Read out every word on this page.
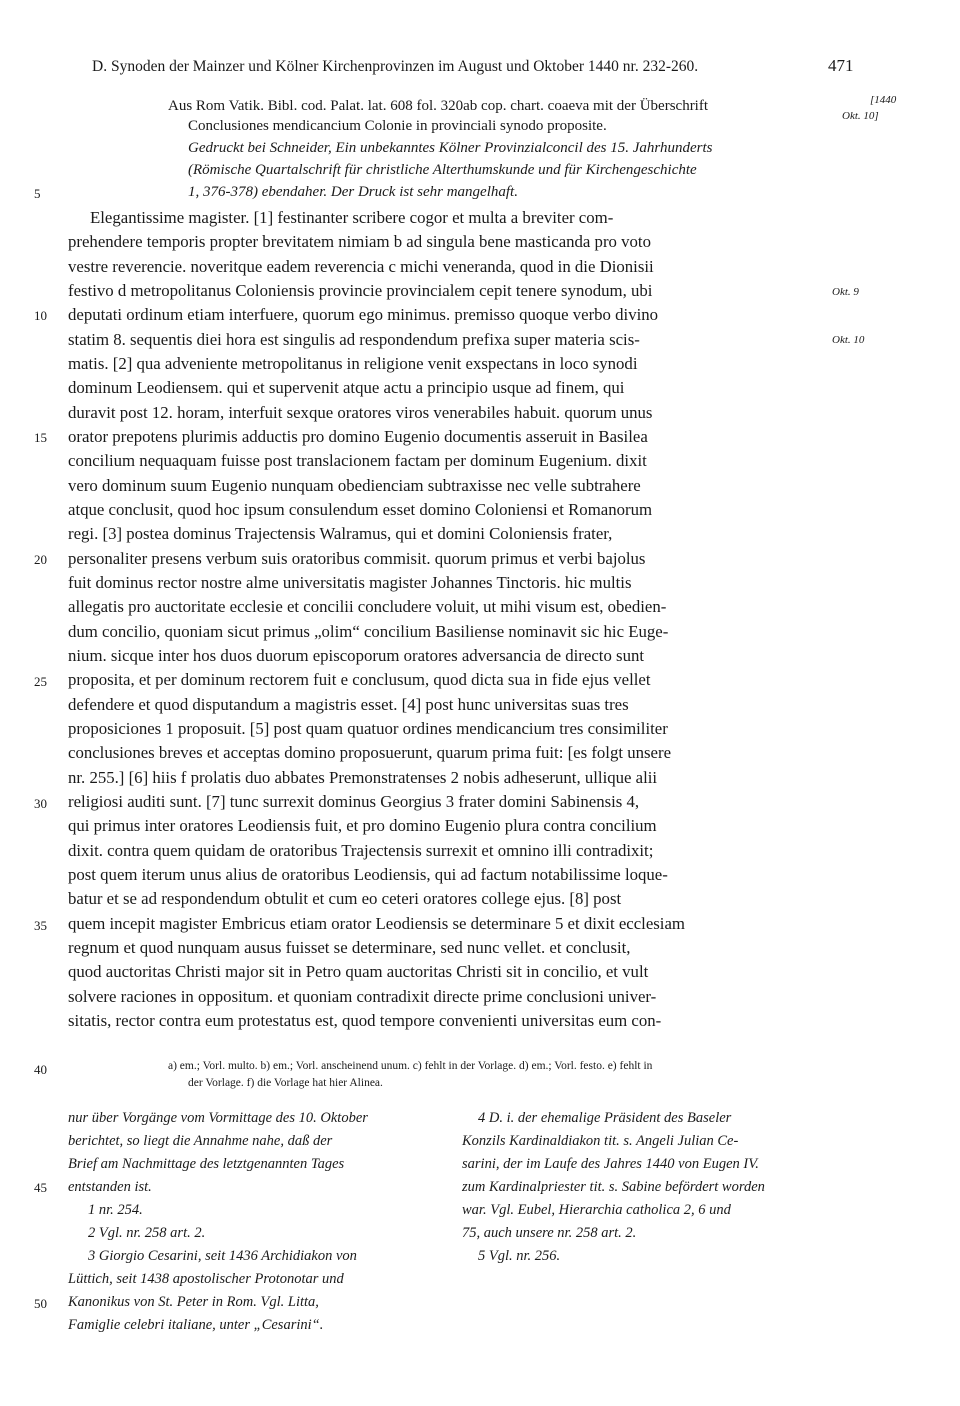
D. Synoden der Mainzer und Kölner Kirchenprovinzen im August und Oktober 1440 nr. 232-260.	471
Aus Rom Vatik. Bibl. cod. Palat. lat. 608 fol. 320ab cop. chart. coaeva mit der Überschrift
Conclusiones mendicancium Colonie in provinciali synodo proposite.
Gedruckt bei Schneider, Ein unbekanntes Kölner Provinzialconcil des 15. Jahrhunderts
(Römische Quartalschrift für christliche Alterthumskunde und für Kirchengeschichte
1, 376-378) ebendaher. Der Druck ist sehr mangelhaft.
[1440
Okt. 10]
Okt. 9
Okt. 10
5
10
15
20
25
30
35
40
45
50
Elegantissime magister. [1] festinanter scribere cogor et multa a breviter com-
prehendere temporis propter brevitatem nimiam b ad singula bene masticanda pro voto
vestre reverencie. noveritque eadem reverencia c michi veneranda, quod in die Dionisii
festivo d metropolitanus Coloniensis provincie provincialem cepit tenere synodum, ubi
deputati ordinum etiam interfuere, quorum ego minimus. premisso quoque verbo divino
statim 8. sequentis diei hora est singulis ad respondendum prefixa super materia scis-
matis. [2] qua adveniente metropolitanus in religione venit exspectans in loco synodi
dominum Leodiensem. qui et supervenit atque actu a principio usque ad finem, qui
duravit post 12. horam, interfuit sexque oratores viros venerabiles habuit. quorum unus
orator prepotens plurimis adductis pro domino Eugenio documentis asseruit in Basilea
concilium nequaquam fuisse post translacionem factam per dominum Eugenium. dixit
vero dominum suum Eugenio nunquam obedienciam subtraxisse nec velle subtrahere
atque conclusit, quod hoc ipsum consulendum esset domino Coloniensi et Romanorum
regi. [3] postea dominus Trajectensis Walramus, qui et domini Coloniensis frater,
personaliter presens verbum suis oratoribus commisit. quorum primus et verbi bajolus
fuit dominus rector nostre alme universitatis magister Johannes Tinctoris. hic multis
allegatis pro auctoritate ecclesie et concilii concludere voluit, ut mihi visum est, obedien-
dum concilio, quoniam sicut primus „olim“ concilium Basiliense nominavit sic hic Euge-
nium. sicque inter hos duos duorum episcoporum oratores adversancia de directo sunt
proposita, et per dominum rectorem fuit e conclusum, quod dicta sua in fide ejus vellet
defendere et quod disputandum a magistris esset. [4] post hunc universitas suas tres
proposiciones 1 proposuit. [5] post quam quatuor ordines mendicancium tres consimiliter
conclusiones breves et acceptas domino proposuerunt, quarum prima fuit: [es folgt unsere
nr. 255.] [6] hiis f prolatis duo abbates Premonstratenses 2 nobis adheserunt, ullique alii
religiosi auditi sunt. [7] tunc surrexit dominus Georgius 3 frater domini Sabinensis 4,
qui primus inter oratores Leodiensis fuit, et pro domino Eugenio plura contra concilium
dixit. contra quem quidam de oratoribus Trajectensis surrexit et omnino illi contradixit;
post quem iterum unus alius de oratoribus Leodiensis, qui ad factum notabilissime loque-
batur et se ad respondendum obtulit et cum eo ceteri oratores college ejus. [8] post
quem incepit magister Embricus etiam orator Leodiensis se determinare 5 et dixit ecclesiam
regnum et quod nunquam ausus fuisset se determinare, sed nunc vellet. et conclusit,
quod auctoritas Christi major sit in Petro quam auctoritas Christi sit in concilio, et vult
solvere raciones in oppositum. et quoniam contradixit directe prime conclusioni univer-
sitatis, rector contra eum protestatus est, quod tempore convenienti universitas eum con-
a) em.; Vorl. multo. b) em.; Vorl. anscheinend unum. c) fehlt in der Vorlage. d) em.; Vorl. festo. e) fehlt in
der Vorlage. f) die Vorlage hat hier Alinea.
nur über Vorgänge vom Vormittage des 10. Oktober
berichtet, so liegt die Annahme nahe, daß der
Brief am Nachmittage des letztgenannten Tages
entstanden ist.
1 nr. 254.
2 Vgl. nr. 258 art. 2.
3 Giorgio Cesarini, seit 1436 Archidiakon von
Lüttich, seit 1438 apostolischer Protonotar und
Kanonikus von St. Peter in Rom. Vgl. Litta,
Famiglie celebri italiane, unter „Cesarini“.
4 D. i. der ehemalige Präsident des Baseler
Konzils Kardinaldiakon tit. s. Angeli Julian Ce-
sarini, der im Laufe des Jahres 1440 von Eugen IV.
zum Kardinalpriester tit. s. Sabine befördert worden
war. Vgl. Eubel, Hierarchia catholica 2, 6 und
75, auch unsere nr. 258 art. 2.
5 Vgl. nr. 256.
